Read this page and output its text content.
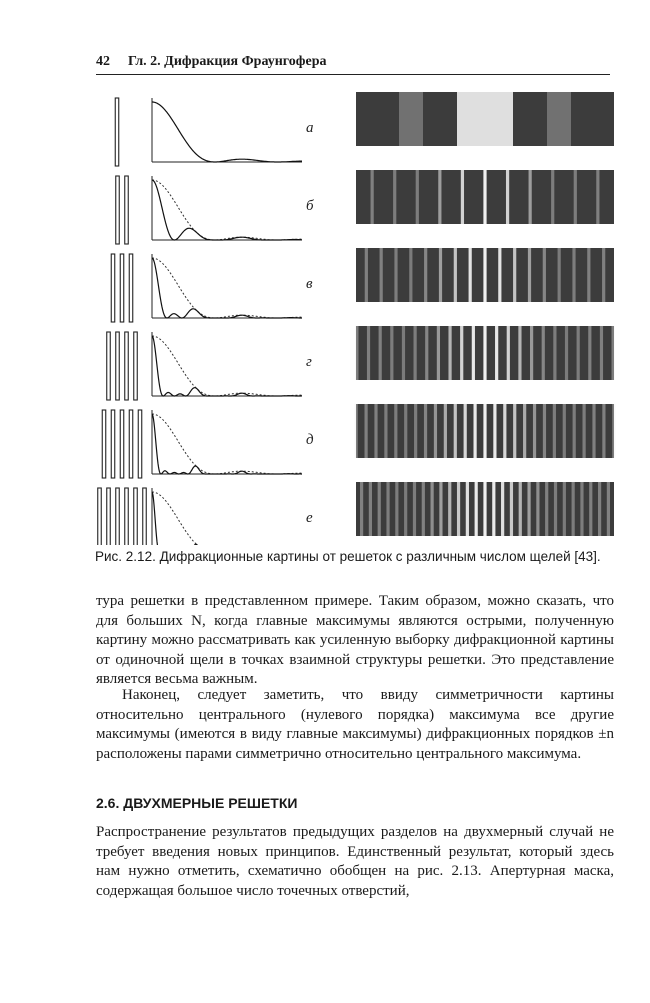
42 Гл. 2. Дифракция Фраунгофера
а
б
в
г
д
е
Рис. 2.12. Дифракционные картины от решеток с различным числом щелей [43].
тура решетки в представленном примере. Таким образом, можно сказать, что для больших N, когда главные максимумы являются острыми, полученную картину можно рассматривать как усиленную выборку дифракционной картины от одиночной щели в точках взаимной структуры решетки. Это представление является весьма важным.
Наконец, следует заметить, что ввиду симметричности картины относительно центрального (нулевого порядка) максимума все другие максимумы (имеются в виду главные максимумы) дифракционных порядков ±n расположены парами симметрично относительно центрального максимума.
2.6. ДВУХМЕРНЫЕ РЕШЕТКИ
Распространение результатов предыдущих разделов на двухмерный случай не требует введения новых принципов. Единственный результат, который здесь нам нужно отметить, схематично обобщен на рис. 2.13. Апертурная маска, содержащая большое число точечных отверстий,
